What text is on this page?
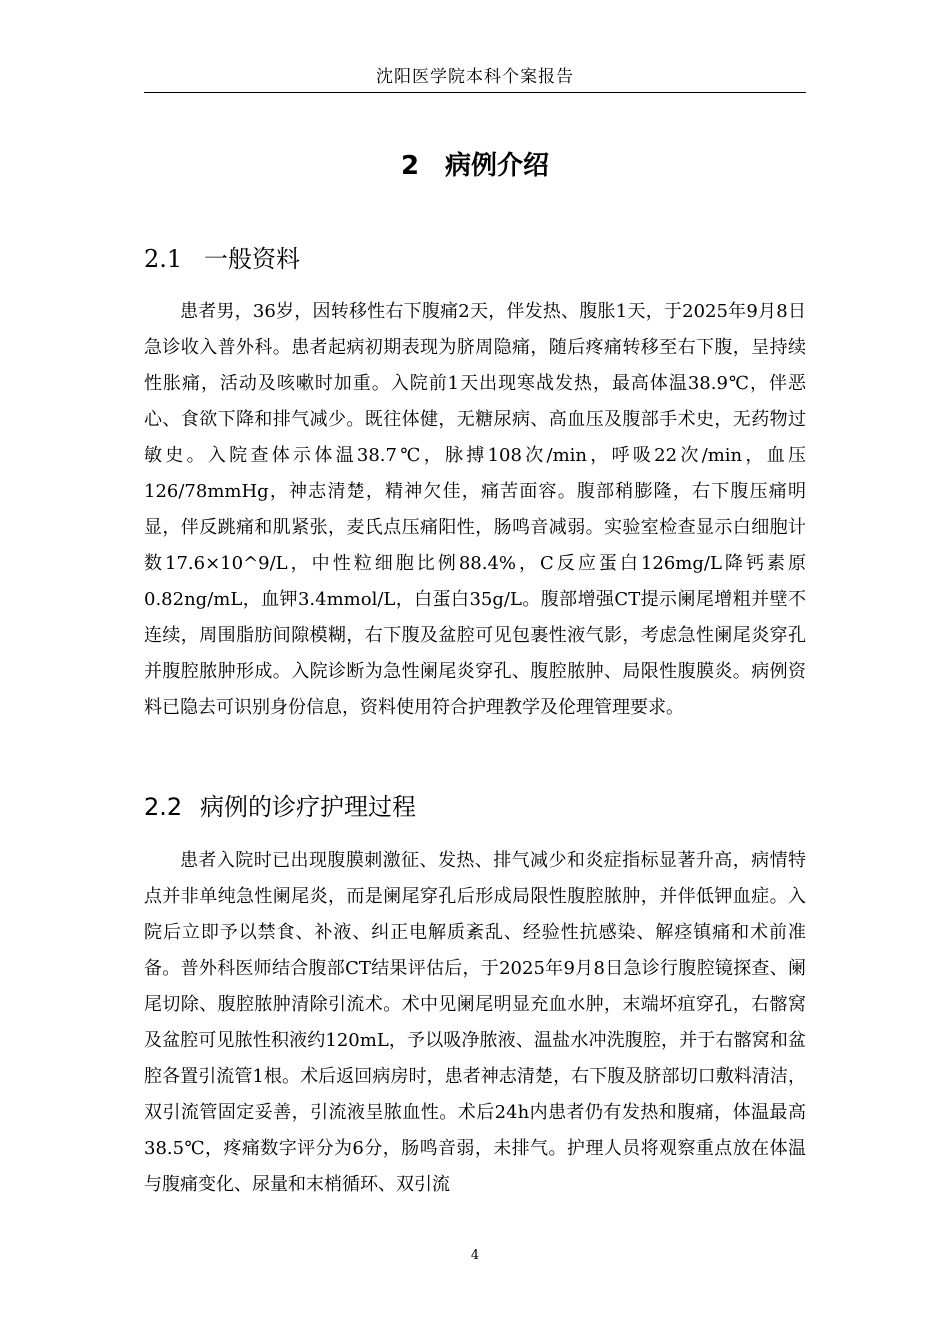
沈阳医学院本科个案报告
2 病例介绍
2.1 一般资料

患者男，36岁，因转移性右下腹痛2天，伴发热、腹胀1天，于2025年9月8日急诊收入普外科。患者起病初期表现为脐周隐痛，随后疼痛转移至右下腹，呈持续性胀痛，活动及咳嗽时加重。入院前1天出现寒战发热，最高体温38.9℃，伴恶心、食欲下降和排气减少。既往体健，无糖尿病、高血压及腹部手术史，无药物过敏史。入院查体示体温38.7℃，脉搏108次/min，呼吸22次/min，血压126/78mmHg，神志清楚，精神欠佳，痛苦面容。腹部稍膨隆，右下腹压痛明显，伴反跳痛和肌紧张，麦氏点压痛阳性，肠鸣音减弱。实验室检查显示白细胞计数17.6×10^9/L，中性粒细胞比例88.4%，C反应蛋白126mg/L降钙素原0.82ng/mL，血钾3.4mmol/L，白蛋白35g/L。腹部增强CT提示阑尾增粗并壁不连续，周围脂肪间隙模糊，右下腹及盆腔可见包裹性液气影，考虑急性阑尾炎穿孔并腹腔脓肿形成。入院诊断为急性阑尾炎穿孔、腹腔脓肿、局限性腹膜炎。病例资料已隐去可识别身份信息，资料使用符合护理教学及伦理管理要求。

2.2 病例的诊疗护理过程

患者入院时已出现腹膜刺激征、发热、排气减少和炎症指标显著升高，病情特点并非单纯急性阑尾炎，而是阑尾穿孔后形成局限性腹腔脓肿，并伴低钾血症。入院后立即予以禁食、补液、纠正电解质紊乱、经验性抗感染、解痉镇痛和术前准备。普外科医师结合腹部CT结果评估后，于2025年9月8日急诊行腹腔镜探查、阑尾切除、腹腔脓肿清除引流术。术中见阑尾明显充血水肿，末端坏疽穿孔，右髂窝及盆腔可见脓性积液约120mL，予以吸净脓液、温盐水冲洗腹腔，并于右髂窝和盆腔各置引流管1根。术后返回病房时，患者神志清楚，右下腹及脐部切口敷料清洁，双引流管固定妥善，引流液呈脓血性。术后24h内患者仍有发热和腹痛，体温最高38.5℃，疼痛数字评分为6分，肠鸣音弱，未排气。护理人员将观察重点放在体温与腹痛变化、尿量和末梢循环、双引流

4
